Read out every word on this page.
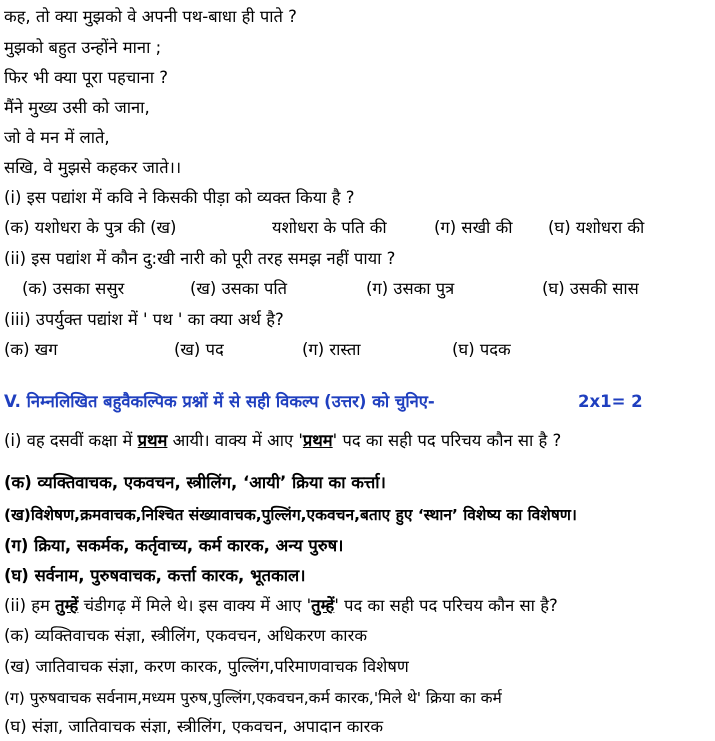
कह, तो क्या मुझको वे अपनी पथ-बाधा ही पाते ?
मुझको बहुत उन्होंने माना ;
फिर भी क्या पूरा पहचाना ?
मैंने मुख्य उसी को जाना,
जो वे मन में लाते,
सखि, वे मुझसे कहकर जाते।।
(i) इस पद्यांश में कवि ने किसकी पीड़ा को व्यक्त किया है ?
(क) यशोधरा के पुत्र की (ख)	यशोधरा के पति की	(ग) सखी की (घ) यशोधरा की
(ii) इस पद्यांश में कौन दु:खी नारी को पूरी तरह समझ नहीं पाया ?
(क) उसका ससुर	(ख) उसका पति	(ग) उसका पुत्र	(घ) उसकी सास
(iii) उपर्युक्त पद्यांश में ' पथ ' का क्या अर्थ है?
(क) खग	(ख) पद	(ग) रास्ता	(घ) पदक
V. निम्नलिखित बहुवैकल्पिक प्रश्नों में से सही विकल्प (उत्तर) को चुनिए-	2x1= 2
(i) वह दसवीं कक्षा में प्रथम आयी। वाक्य में आए 'प्रथम' पद का सही पद परिचय कौन सा है ?
(क) व्यक्तिवाचक, एकवचन, स्त्रीलिंग, ‘आयी’ क्रिया का कर्त्ता।
(ख)विशेषण,क्रमवाचक,निश्चित संख्यावाचक,पुल्लिंग,एकवचन,बताए हुए ‘स्थान’ विशेष्य का विशेषण।
(ग) क्रिया, सकर्मक, कर्तृवाच्य, कर्म कारक, अन्य पुरुष।
(घ) सर्वनाम, पुरुषवाचक, कर्त्ता कारक, भूतकाल।
(ii) हम तुम्हें चंडीगढ़ में मिले थे। इस वाक्य में आए 'तुम्हें' पद का सही पद परिचय कौन सा है?
(क) व्यक्तिवाचक संज्ञा, स्त्रीलिंग, एकवचन, अधिकरण कारक
(ख) जातिवाचक संज्ञा, करण कारक, पुल्लिंग,परिमाणवाचक विशेषण
(ग) पुरुषवाचक सर्वनाम,मध्यम पुरुष,पुल्लिंग,एकवचन,कर्म कारक,'मिले थे' क्रिया का कर्म
(घ) संज्ञा, जातिवाचक संज्ञा, स्त्रीलिंग, एकवचन, अपादान कारक
